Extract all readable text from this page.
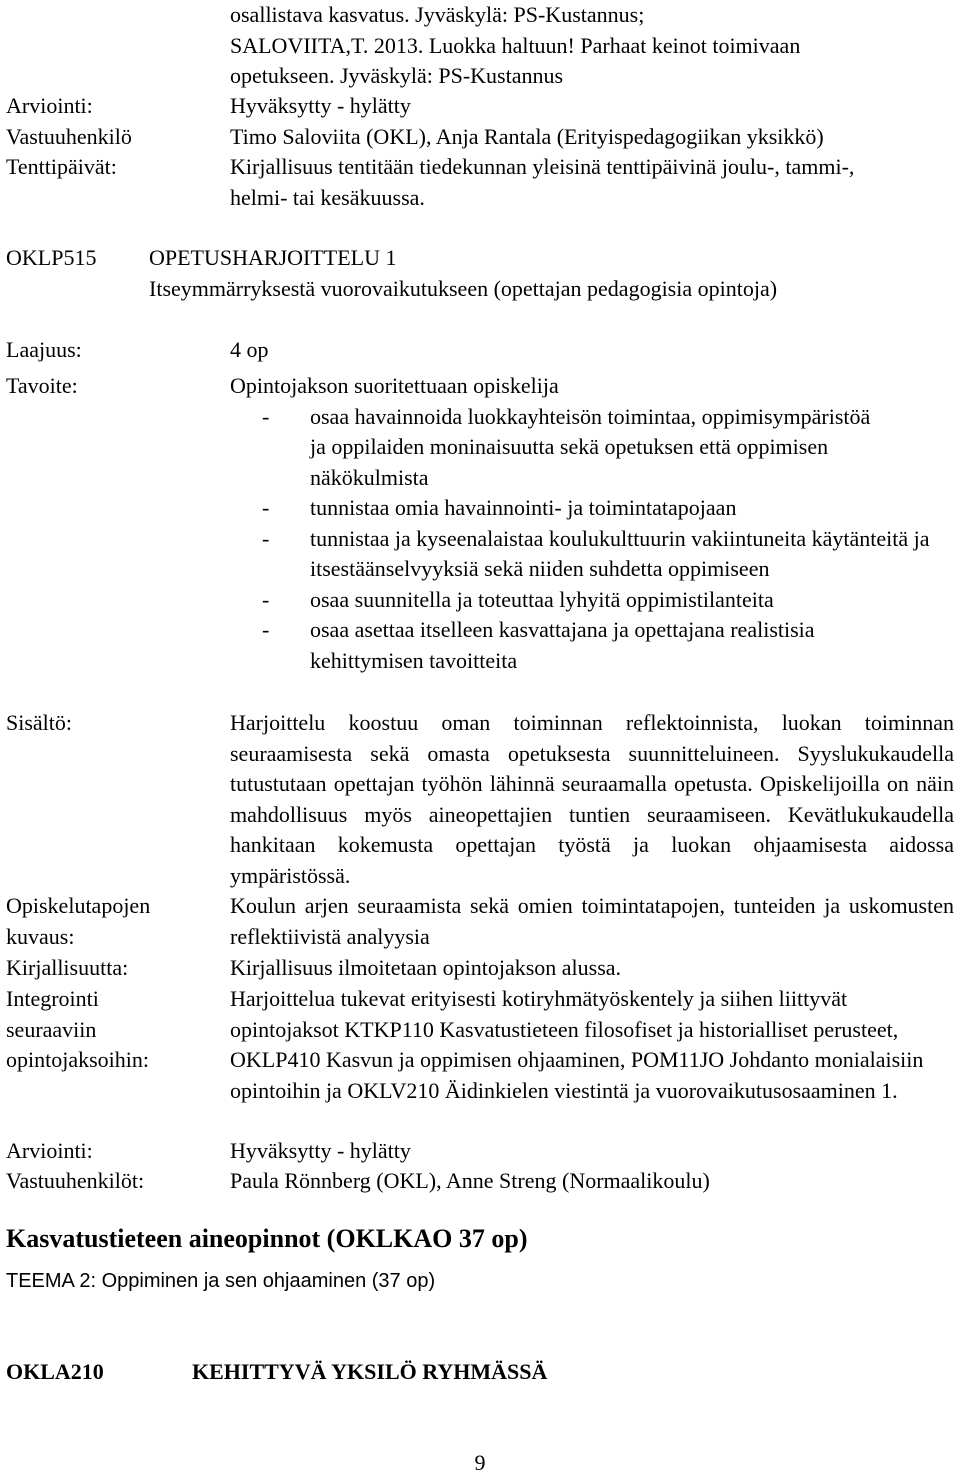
osallistava kasvatus. Jyväskylä: PS-Kustannus;
SALOVIITA,T. 2013. Luokka haltuun! Parhaat keinot toimivaan
opetukseen. Jyväskylä: PS-Kustannus
Arviointi:	Hyväksytty - hylätty
Vastuuhenkilö	Timo Saloviita (OKL), Anja Rantala (Erityispedagogiikan yksikkö)
Tenttipäivät:	Kirjallisuus tentitään tiedekunnan yleisinä tenttipäivinä joulu-, tammi-, helmi- tai kesäkuussa.
OKLP515 OPETUSHARJOITTELU 1
Itseymmärryksestä vuorovaikutukseen (opettajan pedagogisia opintoja)
Laajuus:	4 op
Tavoite:	Opintojakson suoritettuaan opiskelija
- osaa havainnoida luokkayhteisön toimintaa, oppimisympäristöä ja oppilaiden moninaisuutta sekä opetuksen että oppimisen näkökulmista
- tunnistaa omia havainnointi- ja toimintatapojaan
- tunnistaa ja kyseenalaistaa koulukulttuurin vakiintuneita käytänteitä ja itsestäänselvyyksiä sekä niiden suhdetta oppimiseen
- osaa suunnitella ja toteuttaa lyhyitä oppimistilanteita
- osaa asettaa itselleen kasvattajana ja opettajana realistisia kehittymisen tavoitteita
Sisältö:	Harjoittelu koostuu oman toiminnan reflektoinnista, luokan toiminnan seuraamisesta sekä omasta opetuksesta suunnitteluineen. Syyslukukaudella tutustutaan opettajan työhön lähinnä seuraamalla opetusta. Opiskelijoilla on näin mahdollisuus myös aineopettajien tuntien seuraamiseen. Kevätlukukaudella hankitaan kokemusta opettajan työstä ja luokan ohjaamisesta aidossa ympäristössä.
Opiskelutapojen
kuvaus:
Koulun arjen seuraamista sekä omien toimintatapojen, tunteiden ja uskomusten reflektiivistä analyysia
Kirjallisuutta:	Kirjallisuus ilmoitetaan opintojakson alussa.
Integrointi
seuraaviin
opintojaksoihin:
Harjoittelua tukevat erityisesti kotiryhmätyöskentely ja siihen liittyvät opintojaksot KTKP110 Kasvatustieteen filosofiset ja historialliset perusteet, OKLP410 Kasvun ja oppimisen ohjaaminen, POM11JO Johdanto monialaisiin opintoihin ja OKLV210 Äidinkielen viestintä ja vuorovaikutusosaaminen 1.
Arviointi:	Hyväksytty - hylätty
Vastuuhenkilöt:	Paula Rönnberg (OKL), Anne Streng (Normaalikoulu)
Kasvatustieteen aineopinnot (OKLKAO 37 op)
TEEMA 2: Oppiminen ja sen ohjaaminen (37 op)
OKLA210	KEHITTYVÄ YKSILÖ RYHMÄSSÄ
9
